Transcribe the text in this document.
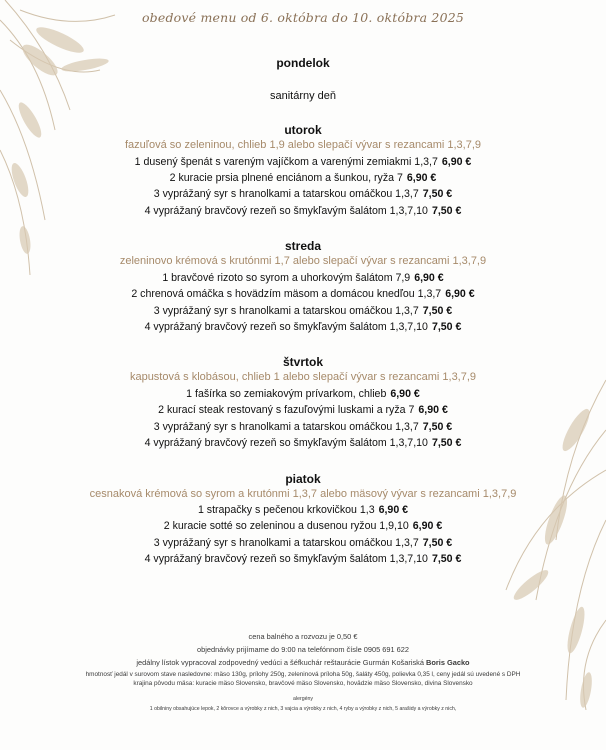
obedové menu od 6. októbra do 10. októbra 2025
pondelok
sanitárny deň
utorok
fazuľová so zeleninou, chlieb 1,9 alebo slepačí vývar s rezancami 1,3,7,9
1 dusený špenát s vareným vajíčkom a varenými zemiakmi 1,3,7 6,90 €
2 kuracie prsia plnené enciánom a šunkou, ryža 7 6,90 €
3 vyprážaný syr s hranolkami a tatarskou omáčkou 1,3,7 7,50 €
4 vyprážaný bravčový rezeň so šmykľavým šalátom 1,3,7,10 7,50 €
streda
zeleninovo krémová s krutónmi 1,7 alebo slepačí vývar s rezancami 1,3,7,9
1 bravčové rizoto so syrom a uhorkovým šalátom 7,9 6,90 €
2 chrenová omáčka s hovädzím mäsom a domácou knedľou 1,3,7 6,90 €
3 vyprážaný syr s hranolkami a tatarskou omáčkou 1,3,7 7,50 €
4 vyprážaný bravčový rezeň so šmykľavým šalátom 1,3,7,10 7,50 €
štvrtok
kapustová s klobásou, chlieb 1 alebo slepačí vývar s rezancami 1,3,7,9
1 fašírka so zemiakovým prívarkom, chlieb 6,90 €
2 kurací steak restovaný s fazuľovými luskami a ryža 7 6,90 €
3 vyprážaný syr s hranolkami a tatarskou omáčkou 1,3,7 7,50 €
4 vyprážaný bravčový rezeň so šmykľavým šalátom 1,3,7,10 7,50 €
piatok
cesnaková krémová so syrom a krutónmi 1,3,7 alebo mäsový vývar s rezancami 1,3,7,9
1 strapačky s pečenou krkovičkou 1,3 6,90 €
2 kuracie sotté so zeleninou a dusenou ryžou 1,9,10 6,90 €
3 vyprážaný syr s hranolkami a tatarskou omáčkou 1,3,7 7,50 €
4 vyprážaný bravčový rezeň so šmykľavým šalátom 1,3,7,10 7,50 €
cena balného a rozvozu je 0,50 €
objednávky prijímame do 9:00 na telefónnom čísle 0905 691 622
jedálny lístok vypracoval zodpovedný vedúci a šéfkuchár reštaurácie Gurmán Košariská Boris Gacko
hmotnosť jedál v surovom stave nasledovne: mäso 130g, prílohy 250g, zeleninová príloha 50g, šaláty 450g, polievka 0,35 l, ceny jedál sú uvedené s DPH
krajina pôvodu mäsa: kuracie mäso Slovensko, bravčové mäso Slovensko, hovädzie mäso Slovensko, divina Slovensko
alergény
1 obilniny obsahujúce lepok, 2 kôrovce a výrobky z nich, 3 vajcia a výrobky z nich, 4 ryby a výrobky z nich, 5 arašidy a výrobky z nich,
